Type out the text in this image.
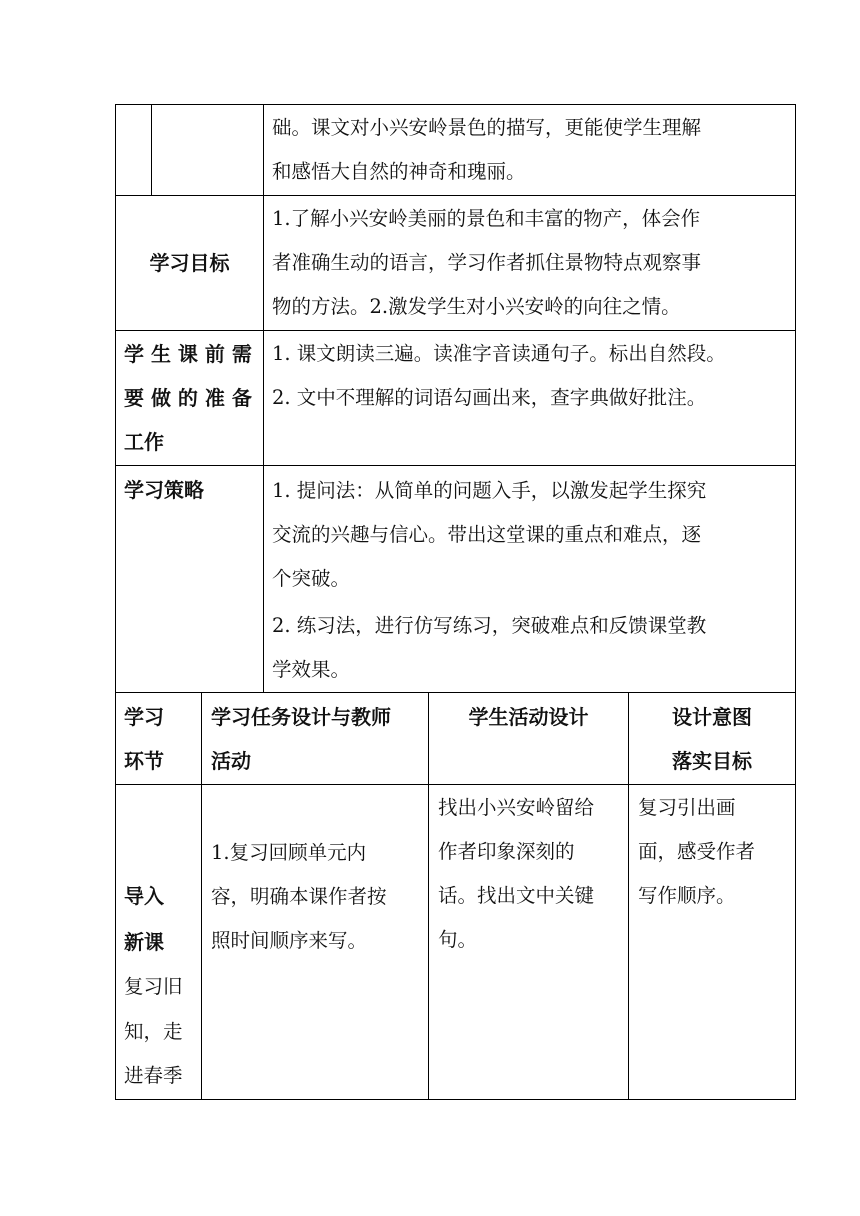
础。课文对小兴安岭景色的描写，更能使学生理解
和感悟大自然的神奇和瑰丽。
学习目标
1.了解小兴安岭美丽的景色和丰富的物产，体会作
者准确生动的语言，学习作者抓住景物特点观察事
物的方法。2.激发学生对小兴安岭的向往之情。
学 生 课 前 需
要 做 的 准 备
工作
1. 课文朗读三遍。读准字音读通句子。标出自然段。
2. 文中不理解的词语勾画出来，查字典做好批注。
学习策略	1. 提问法：从简单的问题入手，以激发起学生探究
交流的兴趣与信心。带出这堂课的重点和难点，逐
个突破。
2. 练习法，进行仿写练习，突破难点和反馈课堂教
学效果。
学习
环节
学习任务设计与教师
活动
学生活动设计	设计意图
落实目标
导入
新课
复习旧
知，走
进春季
1.复习回顾单元内
容，明确本课作者按
照时间顺序来写。
找出小兴安岭留给
作者印象深刻的
话。找出文中关键
句。
复习引出画
面，感受作者
写作顺序。
